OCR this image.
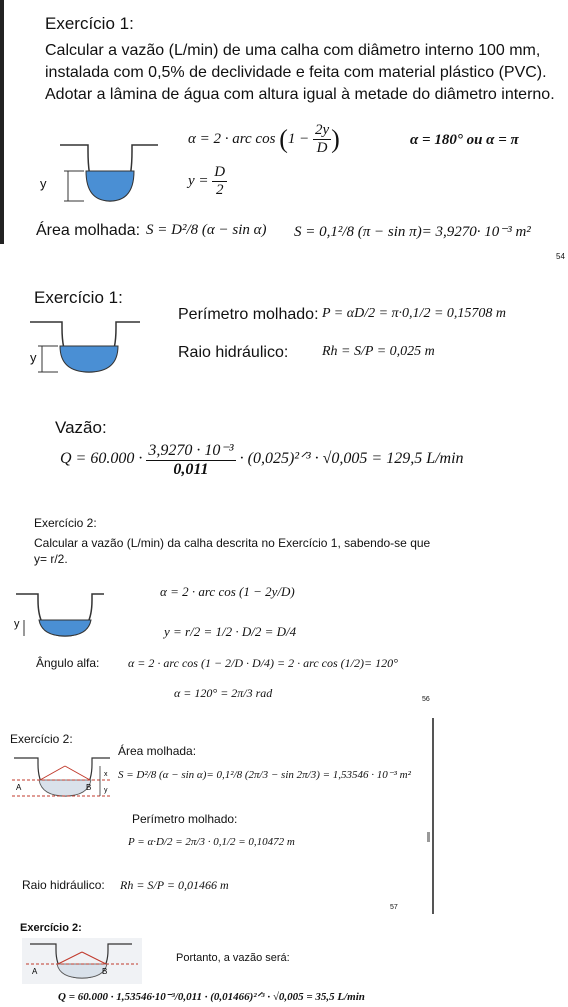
Exercício 1:
Calcular a vazão (L/min) de uma calha com diâmetro interno 100 mm, instalada com 0,5% de declividade e feita com material plástico (PVC). Adotar a lâmina de água com altura igual à metade do diâmetro interno.
y
α = 2 · arc $\cos (1 - \frac{2y}{D}$ )	α = 180° ou α = π
$y = \frac{D}{2}$
Área molhada: S = D²/8 (α − sin α) S = 0,1²/8 (π − sin π)= 3,9270· 10⁻³ m²
54
Exercício 1:
y
Perímetro molhado: P = αD/2 = π·0,1/2 = 0,15708 m
Raio hidráulico: Rh = S/P = 0,025 m
Vazão:
$Q = 60.000 \cdot \frac{\text{3,9270 · 10⁻³}}{0,011}$ · (0,025)²ᐟ³ · √0,005 = 129,5 L/min
Exercício 2:
Calcular a vazão (L/min) da calha descrita no Exercício 1, sabendo-se que y= r/2.
y
α = 2 · arc cos (1 − 2y/D)
y = r/2 = 1/2 · D/2 = D/4
Ângulo alfa: α = 2 · arc cos (1 − 2/D · D/4) = 2 · arc cos (1/2)= 120°
α = 120° = 2π/3 rad	56
Exercício 2:
A	B
x
y
Área molhada:
S = D²/8 (α − sin α)= 0,1²/8 (2π/3 − sin 2π/3) = 1,53546 · 10⁻³ m²
Perímetro molhado:
P = α·D/2 = 2π/3 · 0,1/2 = 0,10472 m
Raio hidráulico: Rh = S/P = 0,01466 m
57
Exercício 2:
A	B
Portanto, a vazão será:
Q = 60.000 · 1,53546·10⁻³/0,011 · (0,01466)²ᐟ³ · √0,005 = 35,5 L/min
